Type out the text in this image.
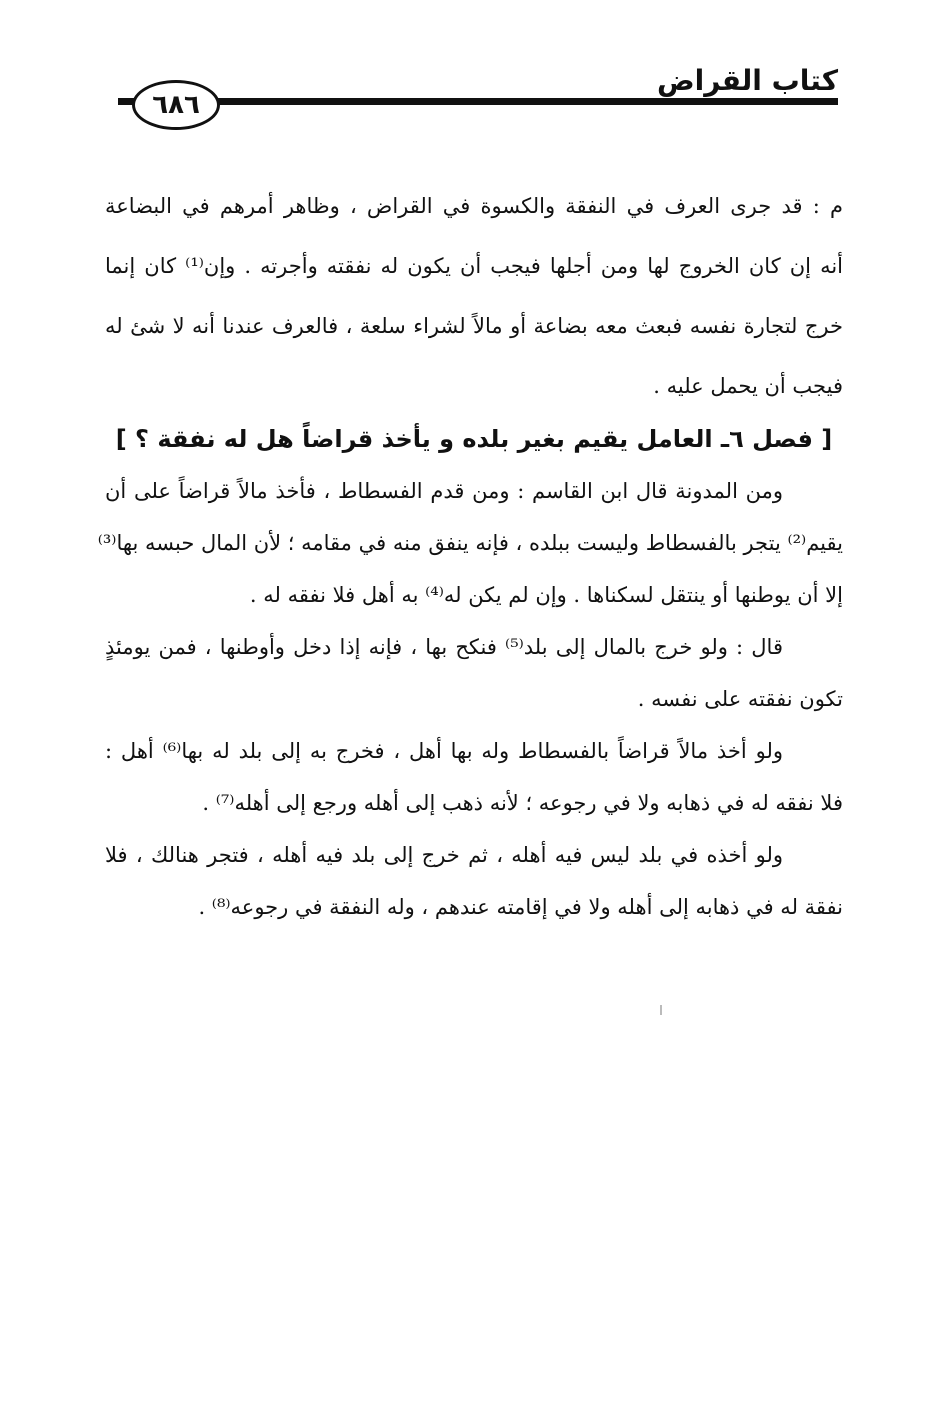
كتاب القراض
٦٨٦
م : قد جرى العرف في النفقة والكسوة في القراض ، وظاهر أمرهم في البضاعة
أنه إن كان الخروج لها ومن أجلها فيجب أن يكون له نفقته وأجرته . وإن⁽¹⁾ كان إنما
خرج لتجارة نفسه فبعث معه بضاعة أو مالاً لشراء سلعة ، فالعرف عندنا أنه لا شئ له
فيجب أن يحمل عليه .
[ فصل ٦ـ العامل يقيم بغير بلده و يأخذ قراضاً هل له نفقة ؟ ]
ومن المدونة قال ابن القاسم : ومن قدم الفسطاط ، فأخذ مالاً قراضاً على أن
يقيم⁽²⁾ يتجر بالفسطاط وليست ببلده ، فإنه ينفق منه في مقامه ؛ لأن المال حبسه بها⁽³⁾
إلا أن يوطنها أو ينتقل لسكناها . وإن لم يكن له⁽⁴⁾ به أهل فلا نفقه له .
قال : ولو خرج بالمال إلى بلد⁽⁵⁾ فنكح بها ، فإنه إذا دخل وأوطنها ، فمن يومئذٍ
تكون نفقته على نفسه .
ولو أخذ مالاً قراضاً بالفسطاط وله بها أهل ، فخرج به إلى بلد له بها⁽⁶⁾ أهل :
فلا نفقه له في ذهابه ولا في رجوعه ؛ لأنه ذهب إلى أهله ورجع إلى أهله⁽⁷⁾ .
ولو أخذه في بلد ليس فيه أهله ، ثم خرج إلى بلد فيه أهله ، فتجر هنالك ، فلا
نفقة له في ذهابه إلى أهله ولا في إقامته عندهم ، وله النفقة في رجوعه⁽⁸⁾ .
